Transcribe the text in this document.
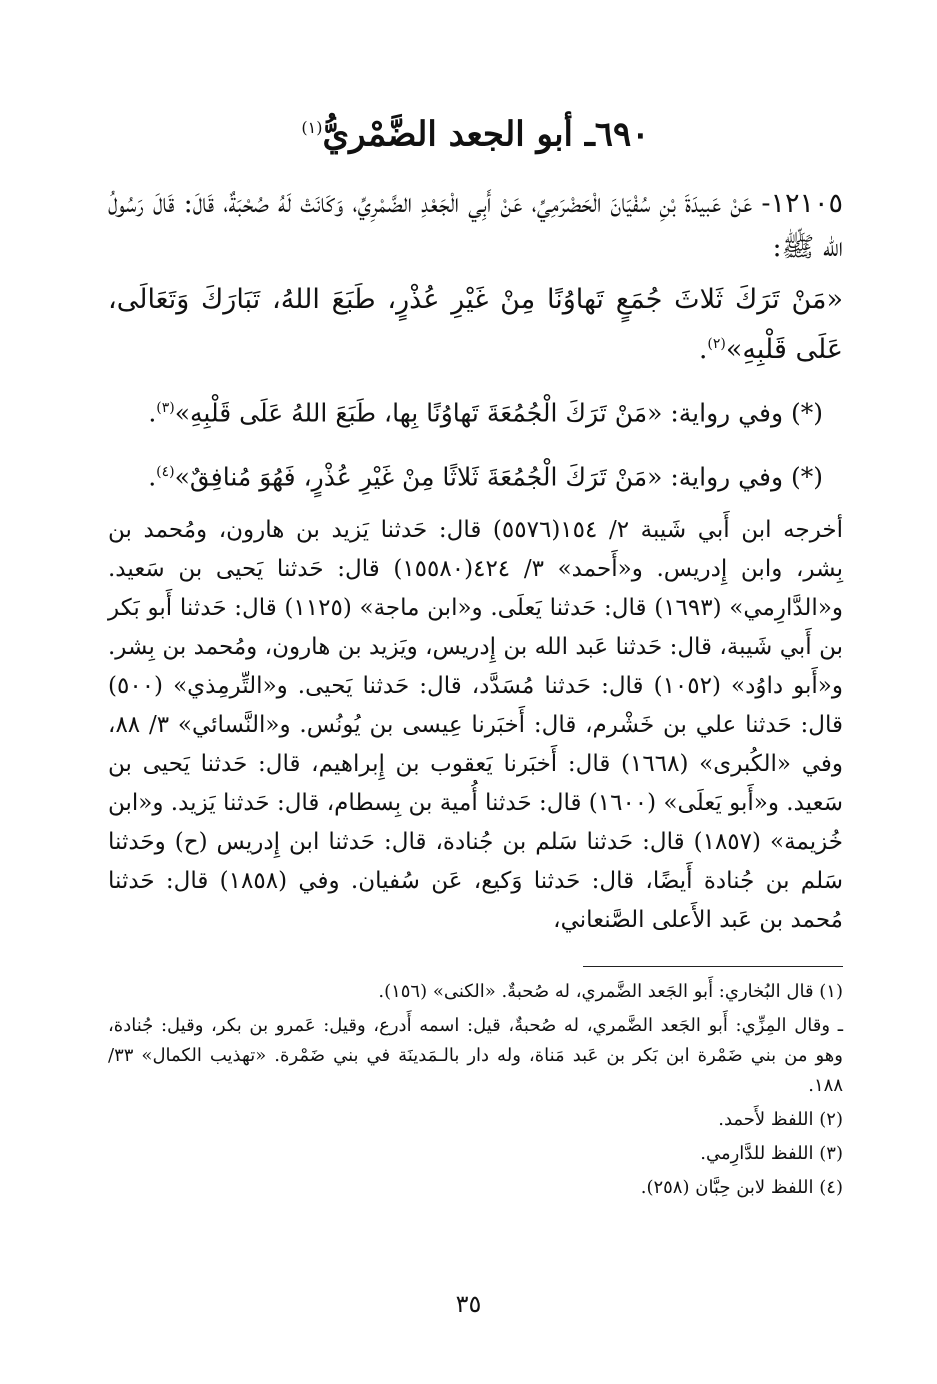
٦٩٠ـ أبو الجعد الضَّمْريُّ$^{(١)}$

١٢١٠٥- عَنْ عَبيدَةَ بْنِ سُفْيَانَ الْحَضْرَمِيِّ، عَنْ أَبِي الْجَعْدِ الضَّمْرِيِّ، وَكَانَتْ لَهُ صُحْبَةٌ، قَالَ: قَالَ رَسُولُ الله ﷺ:

«مَنْ تَرَكَ ثَلاثَ جُمَعٍ تَهاوُنًا مِنْ غَيْرِ عُذْرٍ، طَبَعَ اللهُ، تَبَارَكَ وَتَعَالَى، عَلَى قَلْبِهِ»$^{(٢)}$.

(*) وفي رواية: «مَنْ تَرَكَ الْجُمُعَةَ تَهاوُنًا بِها، طَبَعَ اللهُ عَلَى قَلْبِهِ»$^{(٣)}$.

(*) وفي رواية: «مَنْ تَرَكَ الْجُمُعَةَ ثَلاثًا مِنْ غَيْرِ عُذْرٍ، فَهُوَ مُنافِقٌ»$^{(٤)}$.

أخرجه ابن أَبي شَيبة ٢/ ١٥٤(٥٥٧٦) قال: حَدثنا يَزيد بن هارون، ومُحمد بن بِشر، وابن إِدريس. و«أَحمد» ٣/ ٤٢٤(١٥٥٨٠) قال: حَدثنا يَحيى بن سَعيد. و«الدَّارِمي» (١٦٩٣) قال: حَدثنا يَعلَى. و«ابن ماجة» (١١٢٥) قال: حَدثنا أَبو بَكر بن أَبي شَيبة، قال: حَدثنا عَبد الله بن إِدريس، ويَزيد بن هارون، ومُحمد بن بِشر. و«أَبو داوُد» (١٠٥٢) قال: حَدثنا مُسَدَّد، قال: حَدثنا يَحيى. و«التِّرمِذي» (٥٠٠) قال: حَدثنا علي بن خَشْرم، قال: أَخبَرنا عِيسى بن يُونُس. و«النَّسائي» ٣/ ٨٨، وفي «الكُبرى» (١٦٦٨) قال: أَخبَرنا يَعقوب بن إِبراهيم، قال: حَدثنا يَحيى بن سَعيد. و«أَبو يَعلَى» (١٦٠٠) قال: حَدثنا أُمية بن بِسطام، قال: حَدثنا يَزيد. و«ابن خُزيمة» (١٨٥٧) قال: حَدثنا سَلم بن جُنادة، قال: حَدثنا ابن إِدريس (ح) وحَدثنا سَلم بن جُنادة أَيضًا، قال: حَدثنا وَكيع، عَن سُفيان. وفي (١٨٥٨) قال: حَدثنا مُحمد بن عَبد الأَعلى الصَّنعاني،

(١) قال البُخاري: أَبو الجَعد الضَّمري، له صُحبةٌ. «الكنى» (١٥٦).

ـ وقال المِزِّي: أَبو الجَعد الضَّمري، له صُحبةٌ، قيل: اسمه أَدرع، وقيل: عَمرو بن بكر، وقيل: جُنادة، وهو من بني ضَمْرة ابن بَكر بن عَبد مَناة، وله دار بالـمَدينَة في بني ضَمْرة. «تهذيب الكمال» ٣٣/ ١٨٨.

(٢) اللفظ لأَحمد.

(٣) اللفظ للدَّارِمي.

(٤) اللفظ لابن حِبَّان (٢٥٨).

٣٥
